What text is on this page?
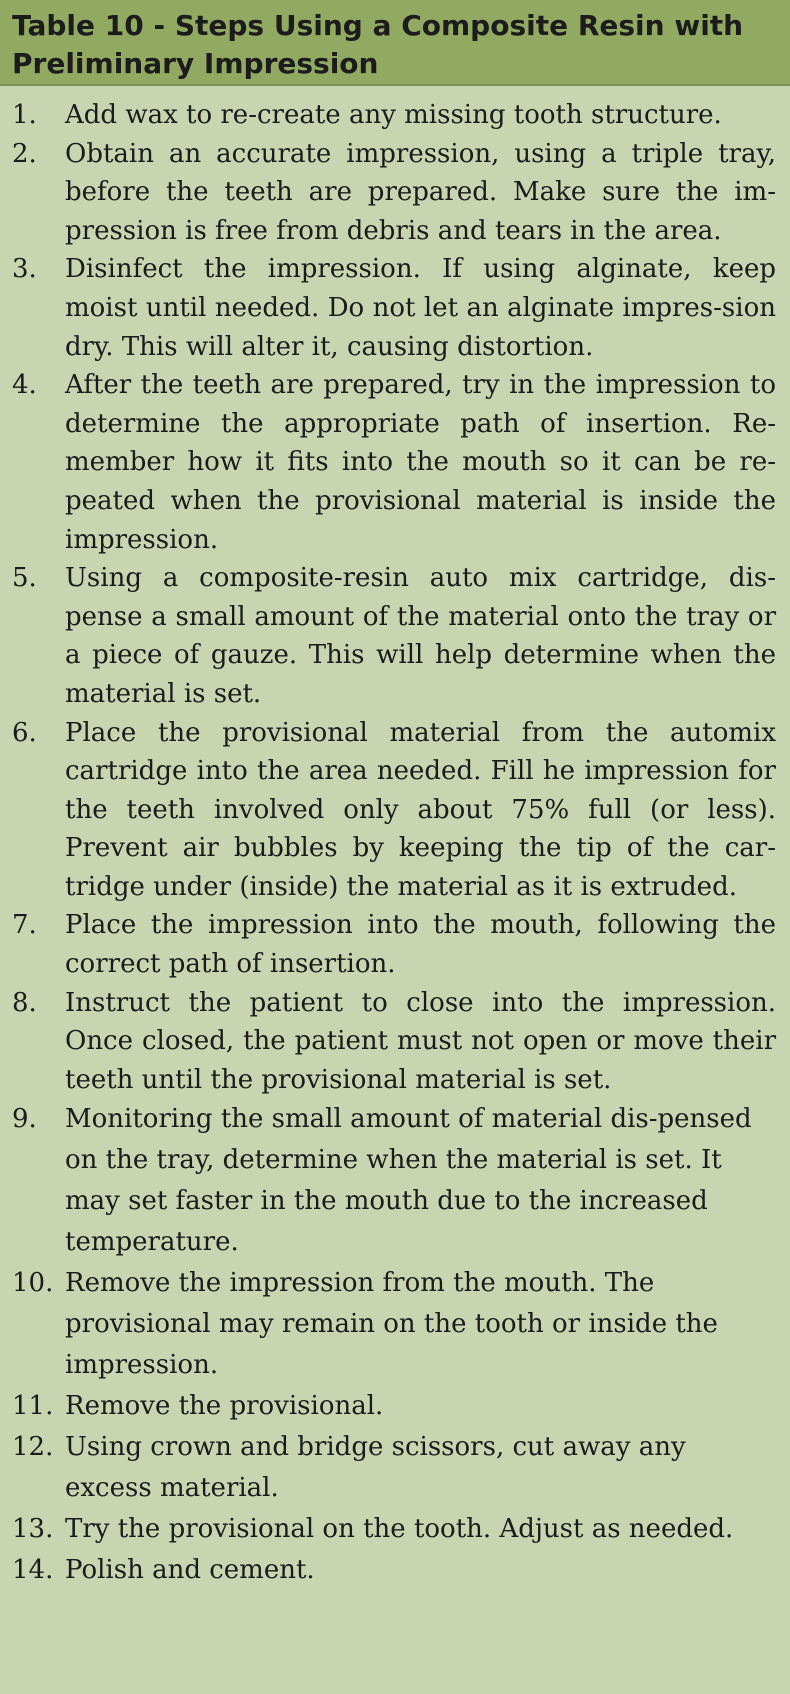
Table 10 - Steps Using a Composite Resin with
Preliminary Impression
1.	Add wax to re-create any missing tooth structure.
2.	Obtain an accurate impression, using a triple tray, before the teeth are prepared. Make sure the im-pression is free from debris and tears in the area.
3.	Disinfect the impression. If using alginate, keep moist until needed. Do not let an alginate impres-sion dry. This will alter it, causing distortion.
4.	After the teeth are prepared, try in the impression to determine the appropriate path of insertion. Re-member how it fits into the mouth so it can be re-peated when the provisional material is inside the impression.
5.	Using a composite-resin auto mix cartridge, dis-pense a small amount of the material onto the tray or a piece of gauze. This will help determine when the material is set.
6.	Place the provisional material from the automix cartridge into the area needed. Fill he impression for the teeth involved only about 75% full (or less). Prevent air bubbles by keeping the tip of the car-tridge under (inside) the material as it is extruded.
7.	Place the impression into the mouth, following the correct path of insertion.
8.	Instruct the patient to close into the impression. Once closed, the patient must not open or move their teeth until the provisional material is set.
9.	Monitoring the small amount of material dis-pensed on the tray, determine when the material is set. It may set faster in the mouth due to the increased temperature.
10. Remove the impression from the mouth. The provisional may remain on the tooth or inside the impression.
11. Remove the provisional.
12. Using crown and bridge scissors, cut away any excess material.
13. Try the provisional on the tooth. Adjust as needed.
14. Polish and cement.
